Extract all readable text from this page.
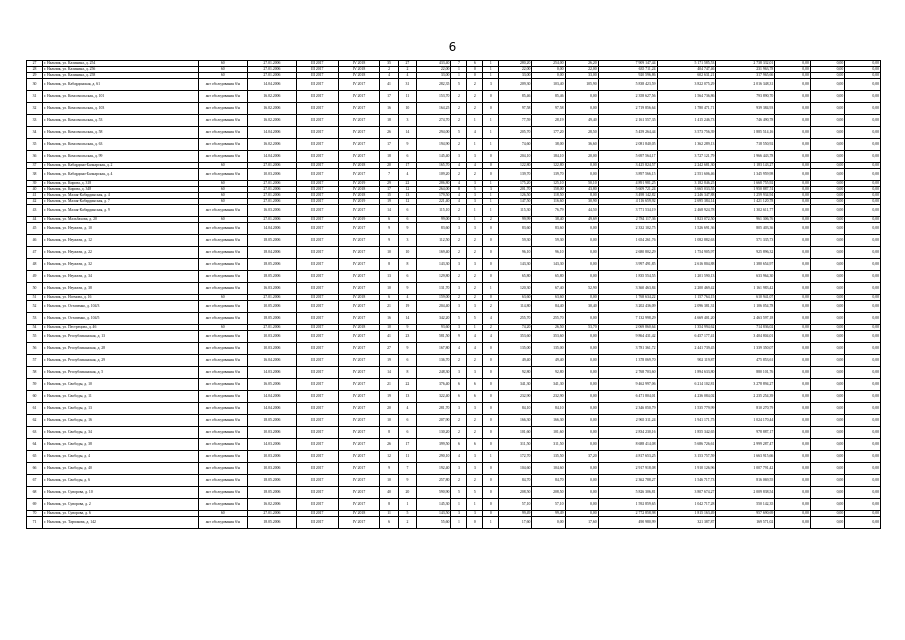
6
27	г. Нальчик, ул. Калинина, д. 254	60	27.01.2006	III 2017	IV 2018	35	27	433,40	7	6	1	280,20	254,00	26,20	7 909 147,44	5 171 585,53	2 738 332,01	0,00	0,00	0,00
28	г. Нальчик, ул. Калинина, д. 256	60	27.01.2006	III 2017	IV 2018	2	2	22,00	1	0	1	22,00	0,00	22,00	635 711,24	404 747,46	231 963,78	0,00	0,00	0,00
29	г. Нальчик, ул. Калинина, д. 258	60	27.01.2006	III 2017	IV 2018	4	4	33,00	1	0	1	33,00	0,00	33,00	920 596,86	602 631,21	317 965,66	0,00	0,00	0,00
30	г. Нальчик, ул. Кабардинская, д. 61	акт обследования б/н	14.04.2006	III 2017	IV 2017	41	31	282,35	5	2	3	209,30	103,40	105,90	5 838 423,59	3 822 075,29	2 016 348,31	0,00	0,00	0,00
31	г. Нальчик, ул. Комсомольская, д. 101	акт обследования б/н	16.02.2006	III 2017	IV 2017	17	11	153,70	2	2	0	85,46	85,46	0,00	2 358 627,56	1 564 736,86	793 890,70	0,00	0,00	0,00
32	г. Нальчик, ул. Комсомольская, д. 103	акт обследования б/н	16.02.2006	III 2017	IV 2017	16	10	164,25	2	2	0	97,58	97,58	0,00	2 719 856,64	1 780 471,71	939 384,93	0,00	0,00	0,00
33	г. Нальчик, ул. Комсомольская, д. 53	акт обследования б/н	16.02.2006	III 2017	IV 2017	18	3	274,70	2	1	1	77,59	28,19	49,40	2 161 557,35	1 415 246,73	746 490,78	0,00	0,00	0,00
34	г. Нальчик, ул. Комсомольская, д. 58	акт обследования б/н	14.04.2006	III 2017	IV 2017	26	14	294,00	5	4	1	205,70	177,20	28,50	5 459 264,44	3 573 756,39	1 885 514,16	0,00	0,00	0,00
35	г. Нальчик, ул. Комсомольская, д. 63	акт обследования б/н	16.02.2006	III 2017	IV 2017	17	9	194,90	2	1	1	74,60	38,00	36,60	2 081 840,05	1 362 289,13	718 550,92	0,00	0,00	0,00
36	г. Нальчик, ул. Комсомольская, д. 99	акт обследования б/н	14.04.2006	III 2017	IV 2017	18	6	145,40	3	3	0	204,10	184,10	20,00	5 697 564,17	3 727 121,79	1 966 443,78	0,00	0,00	0,00
37	г. Нальчик, ул. Кабардино-Балкарская, д. 2	60	27.01.2006	III 2017	IV 2018	20	17	165,70	4	4	0	122,80	122,80	0,00	3 425 824,57	2 242 681,30	1 183 143,27	0,00	0,00	0,00
38	г. Нальчик, ул. Кабардино-Балкарская, д. 4	акт обследования б/н	10.03.2006	III 2017	IV 2017	7	4	109,20	2	2	0	139,70	139,70	0,00	3 897 566,15	2 551 606,46	1 345 959,98	0,00	0,00	0,00
39	г. Нальчик, ул. Кирова, д. 318	60	27.01.2006	III 2017	IV 2019	29	22	286,80	4	3	1	175,20	125,10	50,10	4 891 981,25	3 182 846,25	1 668 755,92	0,00	0,00	0,00
40	г. Нальчик, ул. Кирова, д. 348	60	27.01.2006	III 2017	IV 2018	17	12	264,00	8	5	3	201,70	158,00	43,80	5 609 721,24	3 665 033,55	1 950 887,74	0,00	0,00	0,00
41	г. Нальчик, ул. Малая-Кабардинская, д. 4	60	27.01.2006	III 2017	IV 2018	15	13	179,50	4	3	1	126,50	118,50	8,00	3 498 142,82	2 246 347,88	1 259 934,94	0,00	0,00	0,00
42	г. Нальчик, ул. Малая-Кабардинская, д. 7	60	27.01.2006	III 2017	IV 2019	19	12	221,40	4	3	1	147,50	116,60	30,90	4 116 659,92	2 695 384,14	1 421 120,78	0,00	0,00	0,00
43	г. Нальчик, ул. Малая-Кабардинская, д. 9	акт обследования б/н	16.03.2006	III 2017	IV 2017	14	6	115,10	2	1	1	115,30	76,79	44,50	3 771 534,19	2 468 924,78	1 302 611,77	0,00	0,00	0,00
44	г. Нальчик, ул. Мальбахова, д. 20	60	27.01.2006	III 2017	IV 2019	6	6	99,00	3	1	2	99,99	38,40	49,69	2 784 117,36	1 823 072,50	961 306,76	0,00	0,00	0,00
45	г. Нальчик, ул. Неужели, д. 10	акт обследования б/н	14.04.2006	III 2017	IV 2017	9	9	83,60	3	3	0	83,60	83,60	0,00	2 332 102,75	1 526 691,36	805 403,36	0,00	0,00	0,00
46	г. Нальчик, ул. Неужели, д. 12	акт обследования б/н	18.05.2006	III 2017	IV 2017	9	3	112,50	2	2	0	59,30	59,30	0,00	1 654 261,76	1 082 882,63	571 335,73	0,00	0,00	0,00
47	г. Нальчик, ул. Неужели, д. 22	акт обследования б/н	18.04.2006	III 2017	IV 2017	10	10	169,40	2	2	0	96,10	96,10	0,00	2 680 802,29	1 754 905,97	925 896,32	0,00	0,00	0,00
48	г. Нальчик, ул. Неужели, д. 32	акт обследования б/н	18.05.2006	III 2017	IV 2017	8	8	143,30	3	3	0	143,30	143,30	0,00	3 997 491,85	2 616 804,88	1 380 654,97	0,00	0,00	0,00
49	г. Нальчик, ул. Неужели, д. 34	акт обследования б/н	18.05.2006	III 2017	IV 2017	13	6	129,80	2	2	0	65,80	65,80	0,00	1 835 554,55	1 201 590,13	633 964,30	0,00	0,00	0,00
50	г. Нальчик, ул. Неужели, д. 38	акт обследования б/н	16.03.2006	III 2017	IV 2017	10	9	131,70	3	2	1	120,30	67,40	52,90	3 360 463,84	2 200 469,42	1 161 983,42	0,00	0,00	0,00
51	г. Нальчик, ул. Ногмова, д. 16	60	27.01.2006	III 2017	IV 2018	6	4	159,00	2	2	0	63,60	63,60	0,00	1 768 634,22	1 157 764,15	610 941,07	0,00	0,00	0,00
52	г. Нальчик, ул. Остапенко, д. 104/3	акт обследования б/н	10.05.2006	III 2017	IV 2017	21	19	204,40	3	3	2	114,80	84,40	30,40	3 202 436,09	2 096 381,31	1 106 054,78	0,00	0,00	0,00
53	г. Нальчик, ул. Остапенко, д. 104/5	акт обследования б/н	18.05.2006	III 2017	IV 2017	16	14	342,20	5	5	4	255,70	255,70	0,00	7 132 998,29	4 669 401,20	2 463 597,18	0,00	0,00	0,00
54	г. Нальчик, ул. Пестрецова, д. 46	60	27.01.2006	III 2017	IV 2018	10	9	93,60	3	1	2	74,20	26,50	53,70	2 069 860,64	1 354 994,62	714 836,02	0,00	0,00	0,00
55	г. Нальчик, ул. Республиканская, д. 13	акт обследования б/н	10.03.2006	III 2017	IV 2017	41	23	581,50	9	4	4	353,60	353,60	0,00	9 864 431,42	6 457 177,41	3 404 804,01	0,00	0,00	0,00
56	г. Нальчик, ул. Республиканская, д. 28	акт обследования б/н	10.03.2006	III 2017	IV 2017	27	9	167,80	4	4	0	135,00	135,00	0,00	3 781 361,72	2 441 739,45	1 339 350,07	0,00	0,00	0,00
57	г. Нальчик, ул. Республиканская, д. 29	акт обследования б/н	16.04.2006	III 2017	IV 2017	19	6	136,70	2	2	0	49,40	49,40	0,00	1 378 069,70	902 119,87	475 853,61	0,00	0,00	0,00
58	г. Нальчик, ул. Республиканская, д. 5	акт обследования б/н	14.03.2006	III 2017	IV 2017	14	8	248,30	3	3	0	92,80	92,80	0,00	2 768 703,60	1 894 633,80	880 101,76	0,00	0,00	0,00
59	г. Нальчик, ул. Свободы, д. 10	акт обследования б/н	16.05.2006	III 2017	IV 2017	21	22	376,40	6	6	0	341,30	341,30	0,00	9 462 997,06	6 214 102,81	3 278 894,27	0,00	0,00	0,00
60	г. Нальчик, ул. Свободы, д. 11	акт обследования б/н	14.04.2006	III 2017	IV 2017	19	13	322,40	6	6	0	232,90	232,90	0,00	6 471 804,01	4 236 084,02	2 235 254,39	0,00	0,00	0,00
61	г. Нальчик, ул. Свободы, д. 13	акт обследования б/н	14.04.2006	III 2017	IV 2017	20	4	281,70	3	3	0	84,10	84,10	0,00	2 346 050,79	1 535 779,99	810 270,79	0,00	0,00	0,00
62	г. Нальчик, ул. Свободы, д. 16	акт обследования б/н	18.05.2006	III 2017	IV 2017	10	6	207,90	2	2	0	166,30	166,30	0,00	2 965 311,24	1 941 171,75	1 024 170,44	0,00	0,00	0,00
63	г. Нальчик, ул. Свободы, д. 34	акт обследования б/н	10.03.2006	III 2017	IV 2017	8	6	130,20	2	2	0	101,60	101,60	0,00	2 834 230,16	1 855 342,65	978 887,17	0,00	0,00	0,00
64	г. Нальчик, ул. Свободы, д. 38	акт обследования б/н	14.03.2006	III 2017	IV 2017	26	17	399,50	6	6	0	311,50	311,50	0,00	8 688 414,08	5 686 726,61	2 999 287,47	0,00	0,00	0,00
65	г. Нальчик, ул. Свободы, д. 4	акт обследования б/н	10.03.2006	III 2017	IV 2017	12	11	290,10	4	3	1	172,70	135,50	37,20	4 817 653,25	3 153 757,59	1 663 915,66	0,00	0,00	0,00
66	г. Нальчик, ул. Свободы, д. 40	акт обследования б/н	10.03.2006	III 2017	IV 2017	9	7	192,40	3	3	0	104,60	104,60	0,00	2 917 918,08	1 910 126,96	1 007 791,42	0,00	0,00	0,00
67	г. Нальчик, ул. Свободы, д. 6	акт обследования б/н	18.05.2006	III 2017	IV 2017	10	9	257,80	2	2	0	84,70	84,70	0,00	2 362 788,27	1 546 717,73	816 069,55	0,00	0,00	0,00
68	г. Нальчик, ул. Суворова, д. 10	акт обследования б/н	18.05.2006	III 2017	IV 2017	40	20	590,90	5	5	0	208,50	208,50	0,00	5 826 306,81	3 807 674,27	2 009 838,54	0,00	0,00	0,00
69	г. Нальчик, ул. Суворова, д. 2	акт обследования б/н	16.02.2006	III 2017	IV 2017	8	1	145,30	1	1	0	57,10	57,10	0,00	1 592 859,65	1 042 717,28	550 142,35	0,00	0,00	0,00
70	г. Нальчик, ул. Суворова, д. 6	60	27.01.2006	III 2017	IV 2018	11	5	143,50	3	3	0	99,49	99,49	0,00	2 772 858,98	1 815 163,49	957 690,69	0,00	0,00	0,00
71	г. Нальчик, ул. Тарчокова, д. 142	акт обследования б/н	18.05.2006	III 2017	IV 2017	6	2	55,60	1	0	1	17,60	0,00	17,60	490 980,99	321 387,87	169 571,02	0,00	0,00	0,00
